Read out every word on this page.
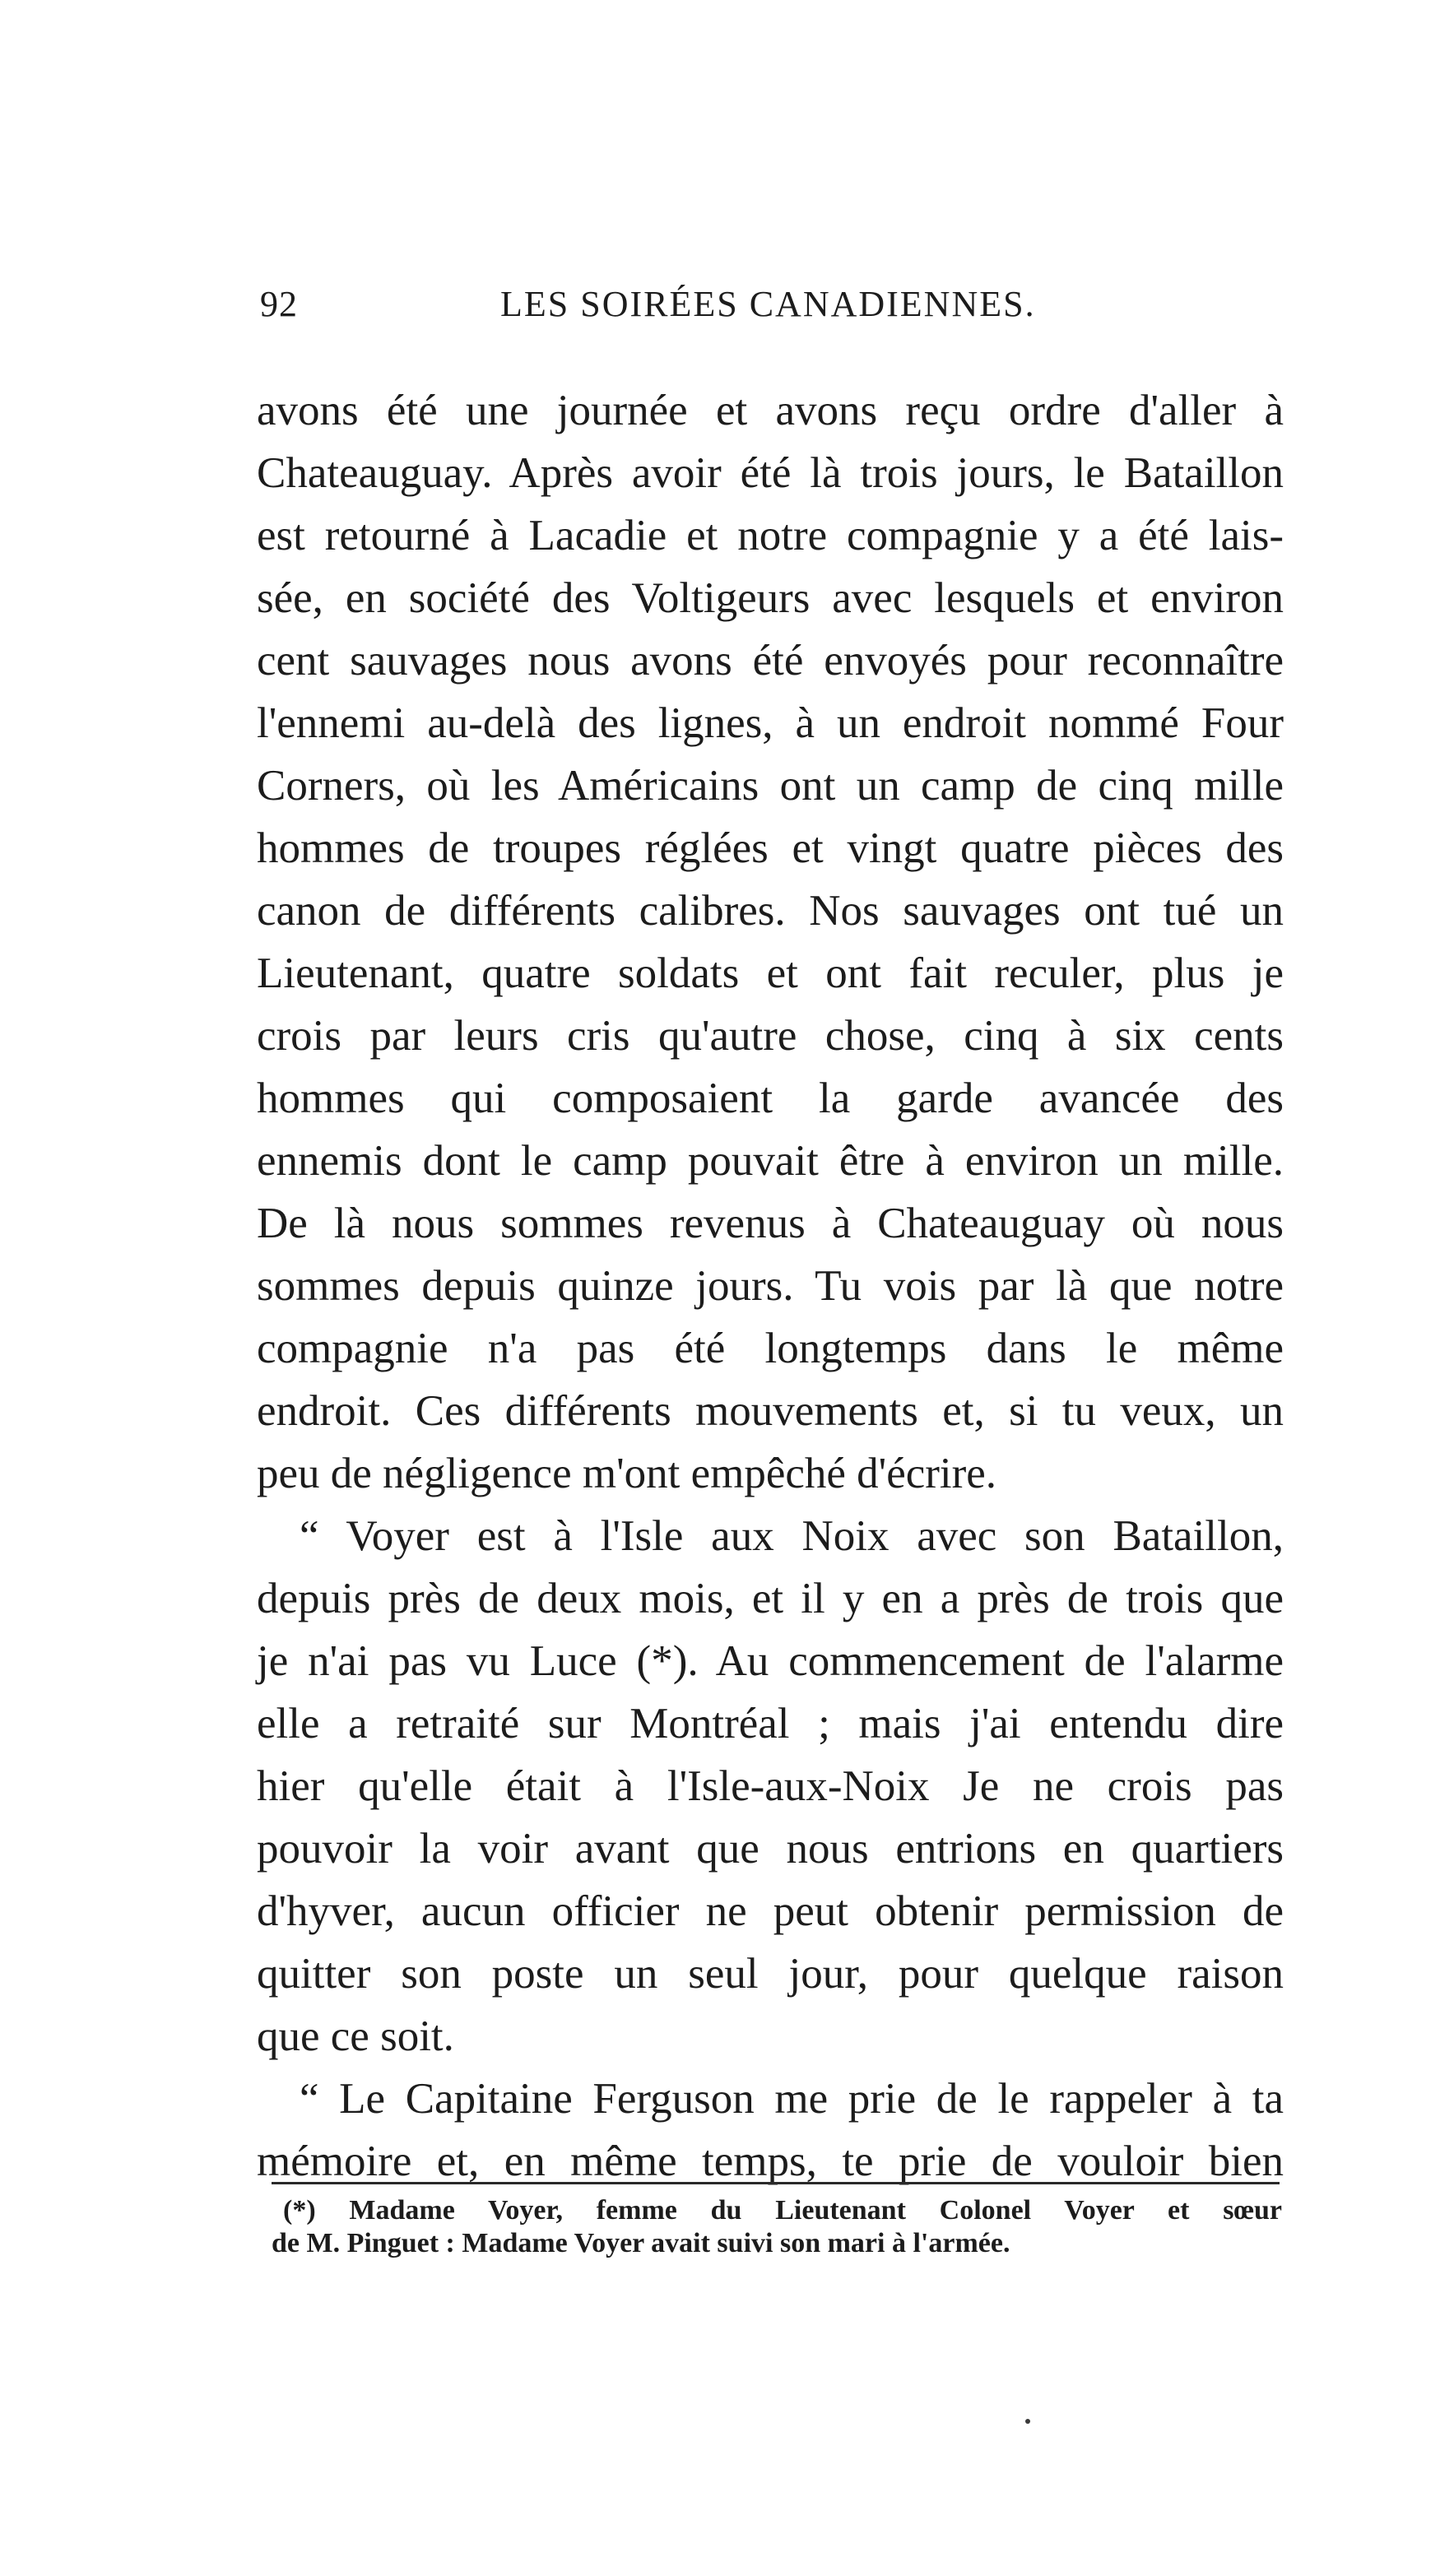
92	LES SOIRÉES CANADIENNES.
avons été une journée et avons reçu ordre d'aller à
Chateauguay. Après avoir été là trois jours, le Bataillon
est retourné à Lacadie et notre compagnie y a été lais-
sée, en société des Voltigeurs avec lesquels et environ
cent sauvages nous avons été envoyés pour reconnaître
l'ennemi au-delà des lignes, à un endroit nommé Four
Corners, où les Américains ont un camp de cinq mille
hommes de troupes réglées et vingt quatre pièces des
canon de différents calibres. Nos sauvages ont tué un
Lieutenant, quatre soldats et ont fait reculer, plus je
crois par leurs cris qu'autre chose, cinq à six cents
hommes qui composaient la garde avancée des
ennemis dont le camp pouvait être à environ un mille.
De là nous sommes revenus à Chateauguay où nous
sommes depuis quinze jours. Tu vois par là que notre
compagnie n'a pas été longtemps dans le même
endroit. Ces différents mouvements et, si tu veux, un
peu de négligence m'ont empêché d'écrire.
“ Voyer est à l'Isle aux Noix avec son Bataillon,
depuis près de deux mois, et il y en a près de trois que
je n'ai pas vu Luce (*). Au commencement de l'alarme
elle a retraité sur Montréal ; mais j'ai entendu dire
hier qu'elle était à l'Isle-aux-Noix Je ne crois pas
pouvoir la voir avant que nous entrions en quartiers
d'hyver, aucun officier ne peut obtenir permission de
quitter son poste un seul jour, pour quelque raison
que ce soit.
“ Le Capitaine Ferguson me prie de le rappeler à ta
mémoire et, en même temps, te prie de vouloir bien
(*) Madame Voyer, femme du Lieutenant Colonel Voyer et sœur
de M. Pinguet : Madame Voyer avait suivi son mari à l'armée.
